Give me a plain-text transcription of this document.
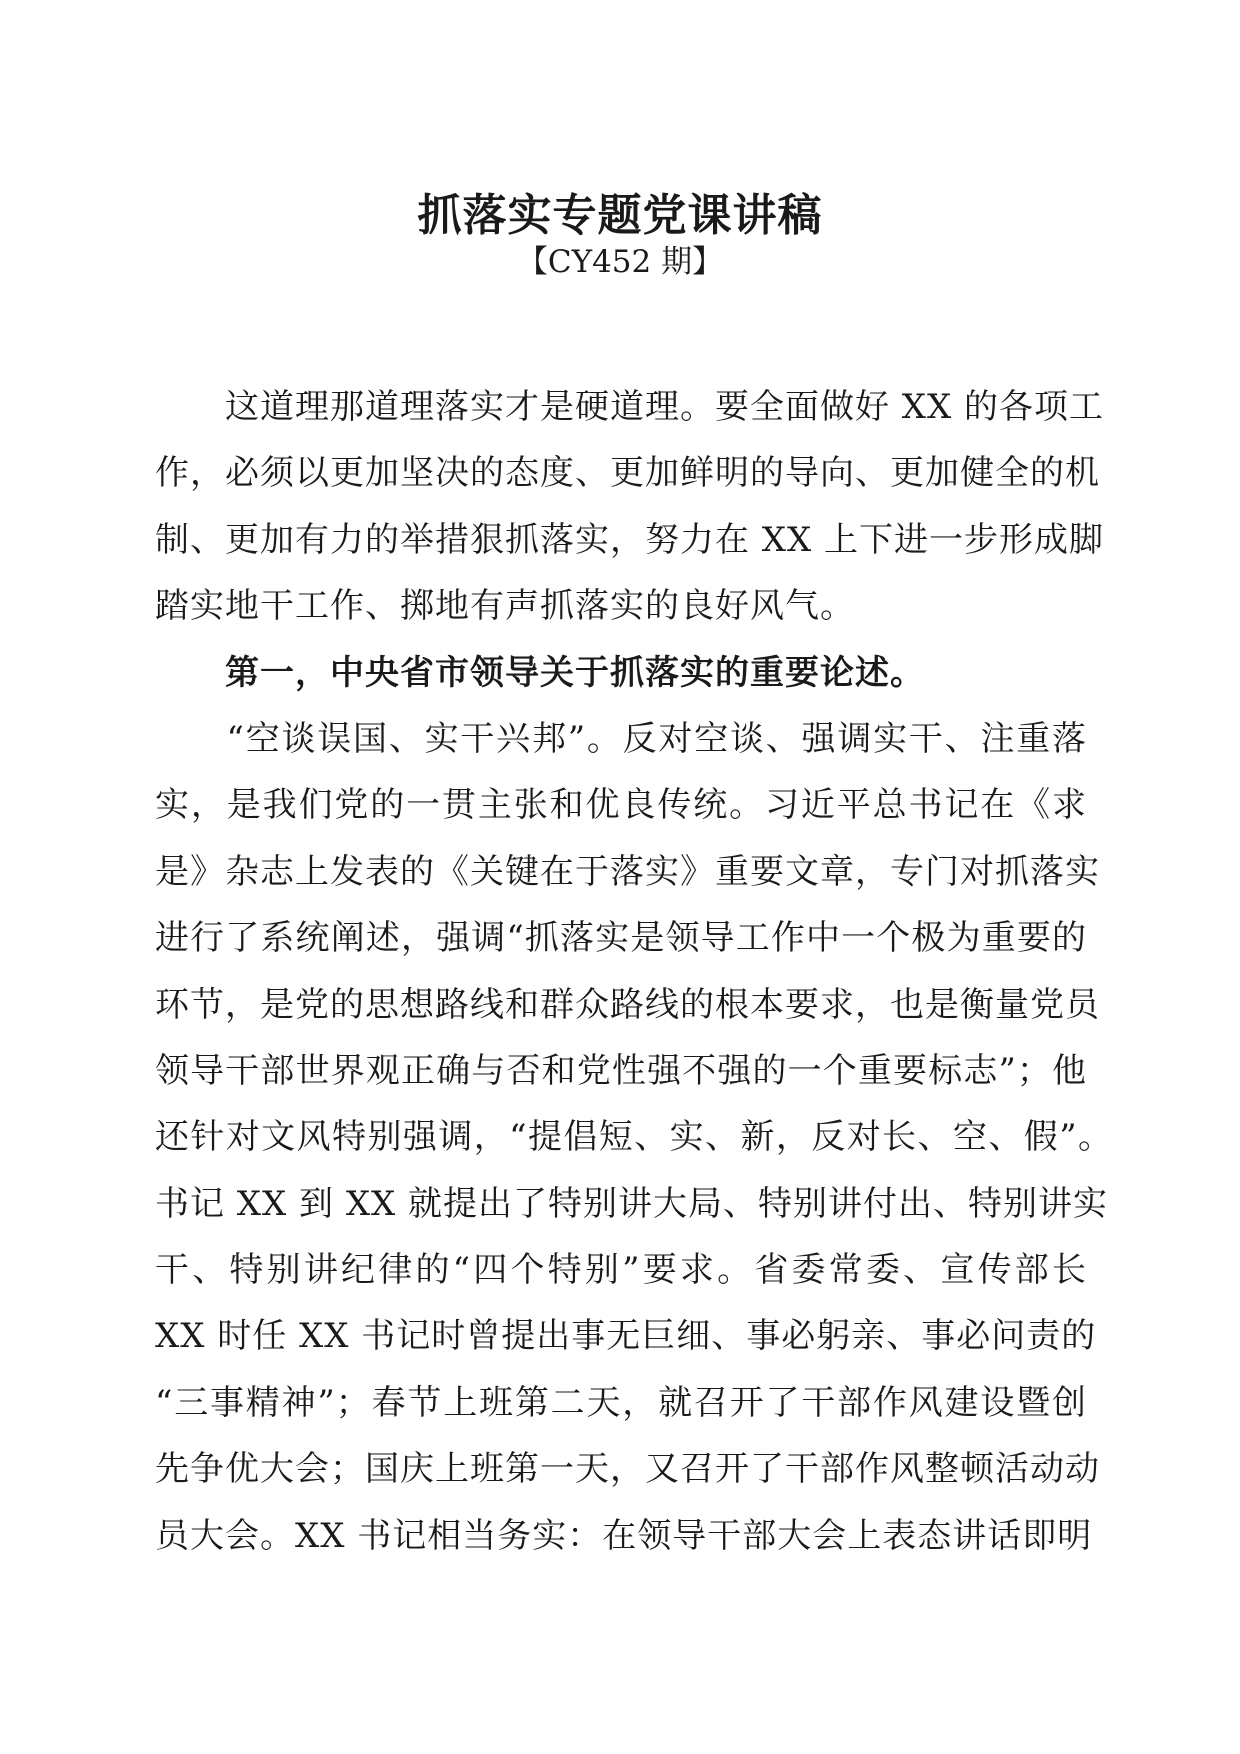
抓落实专题党课讲稿
【CY452 期】
　　这道理那道理落实才是硬道理。要全面做好 XX 的各项工
作，必须以更加坚决的态度、更加鲜明的导向、更加健全的机
制、更加有力的举措狠抓落实，努力在 XX 上下进一步形成脚
踏实地干工作、掷地有声抓落实的良好风气。
　　第一，中央省市领导关于抓落实的重要论述。
　　“空谈误国、实干兴邦”。反对空谈、强调实干、注重落
实，是我们党的一贯主张和优良传统。习近平总书记在《求
是》杂志上发表的《关键在于落实》重要文章，专门对抓落实
进行了系统阐述，强调“抓落实是领导工作中一个极为重要的
环节，是党的思想路线和群众路线的根本要求，也是衡量党员
领导干部世界观正确与否和党性强不强的一个重要标志”；他
还针对文风特别强调，“提倡短、实、新，反对长、空、假”。
书记 XX 到 XX 就提出了特别讲大局、特别讲付出、特别讲实
干、特别讲纪律的“四个特别”要求。省委常委、宣传部长
XX 时任 XX 书记时曾提出事无巨细、事必躬亲、事必问责的
“三事精神”；春节上班第二天，就召开了干部作风建设暨创
先争优大会；国庆上班第一天，又召开了干部作风整顿活动动
员大会。XX 书记相当务实：在领导干部大会上表态讲话即明
